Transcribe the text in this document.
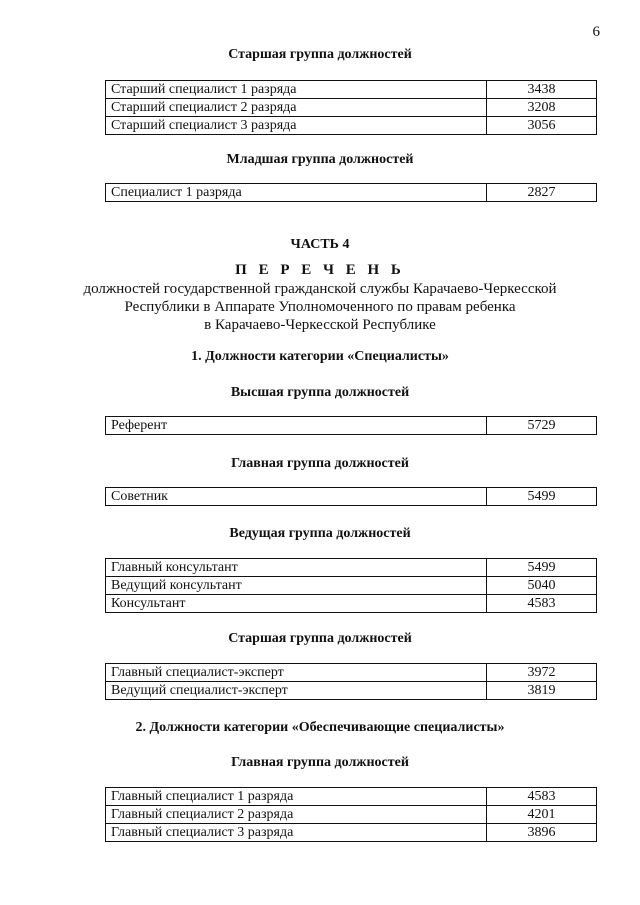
6
Старшая группа должностей
Старший специалист 1 разряда	3438
Старший специалист 2 разряда	3208
Старший специалист 3 разряда	3056
Младшая группа должностей
Специалист 1 разряда	2827
ЧАСТЬ 4
П Е Р Е Ч Е Н Ь
должностей государственной гражданской службы Карачаево-Черкесской
Республики в Аппарате Уполномоченного по правам ребенка
в Карачаево-Черкесской Республике
1. Должности категории «Специалисты»
Высшая группа должностей
Референт	5729
Главная группа должностей
Советник	5499
Ведущая группа должностей
Главный консультант	5499
Ведущий консультант	5040
Консультант	4583
Старшая группа должностей
Главный специалист-эксперт	3972
Ведущий специалист-эксперт	3819
2. Должности категории «Обеспечивающие специалисты»
Главная группа должностей
Главный специалист 1 разряда	4583
Главный специалист 2 разряда	4201
Главный специалист 3 разряда	3896
